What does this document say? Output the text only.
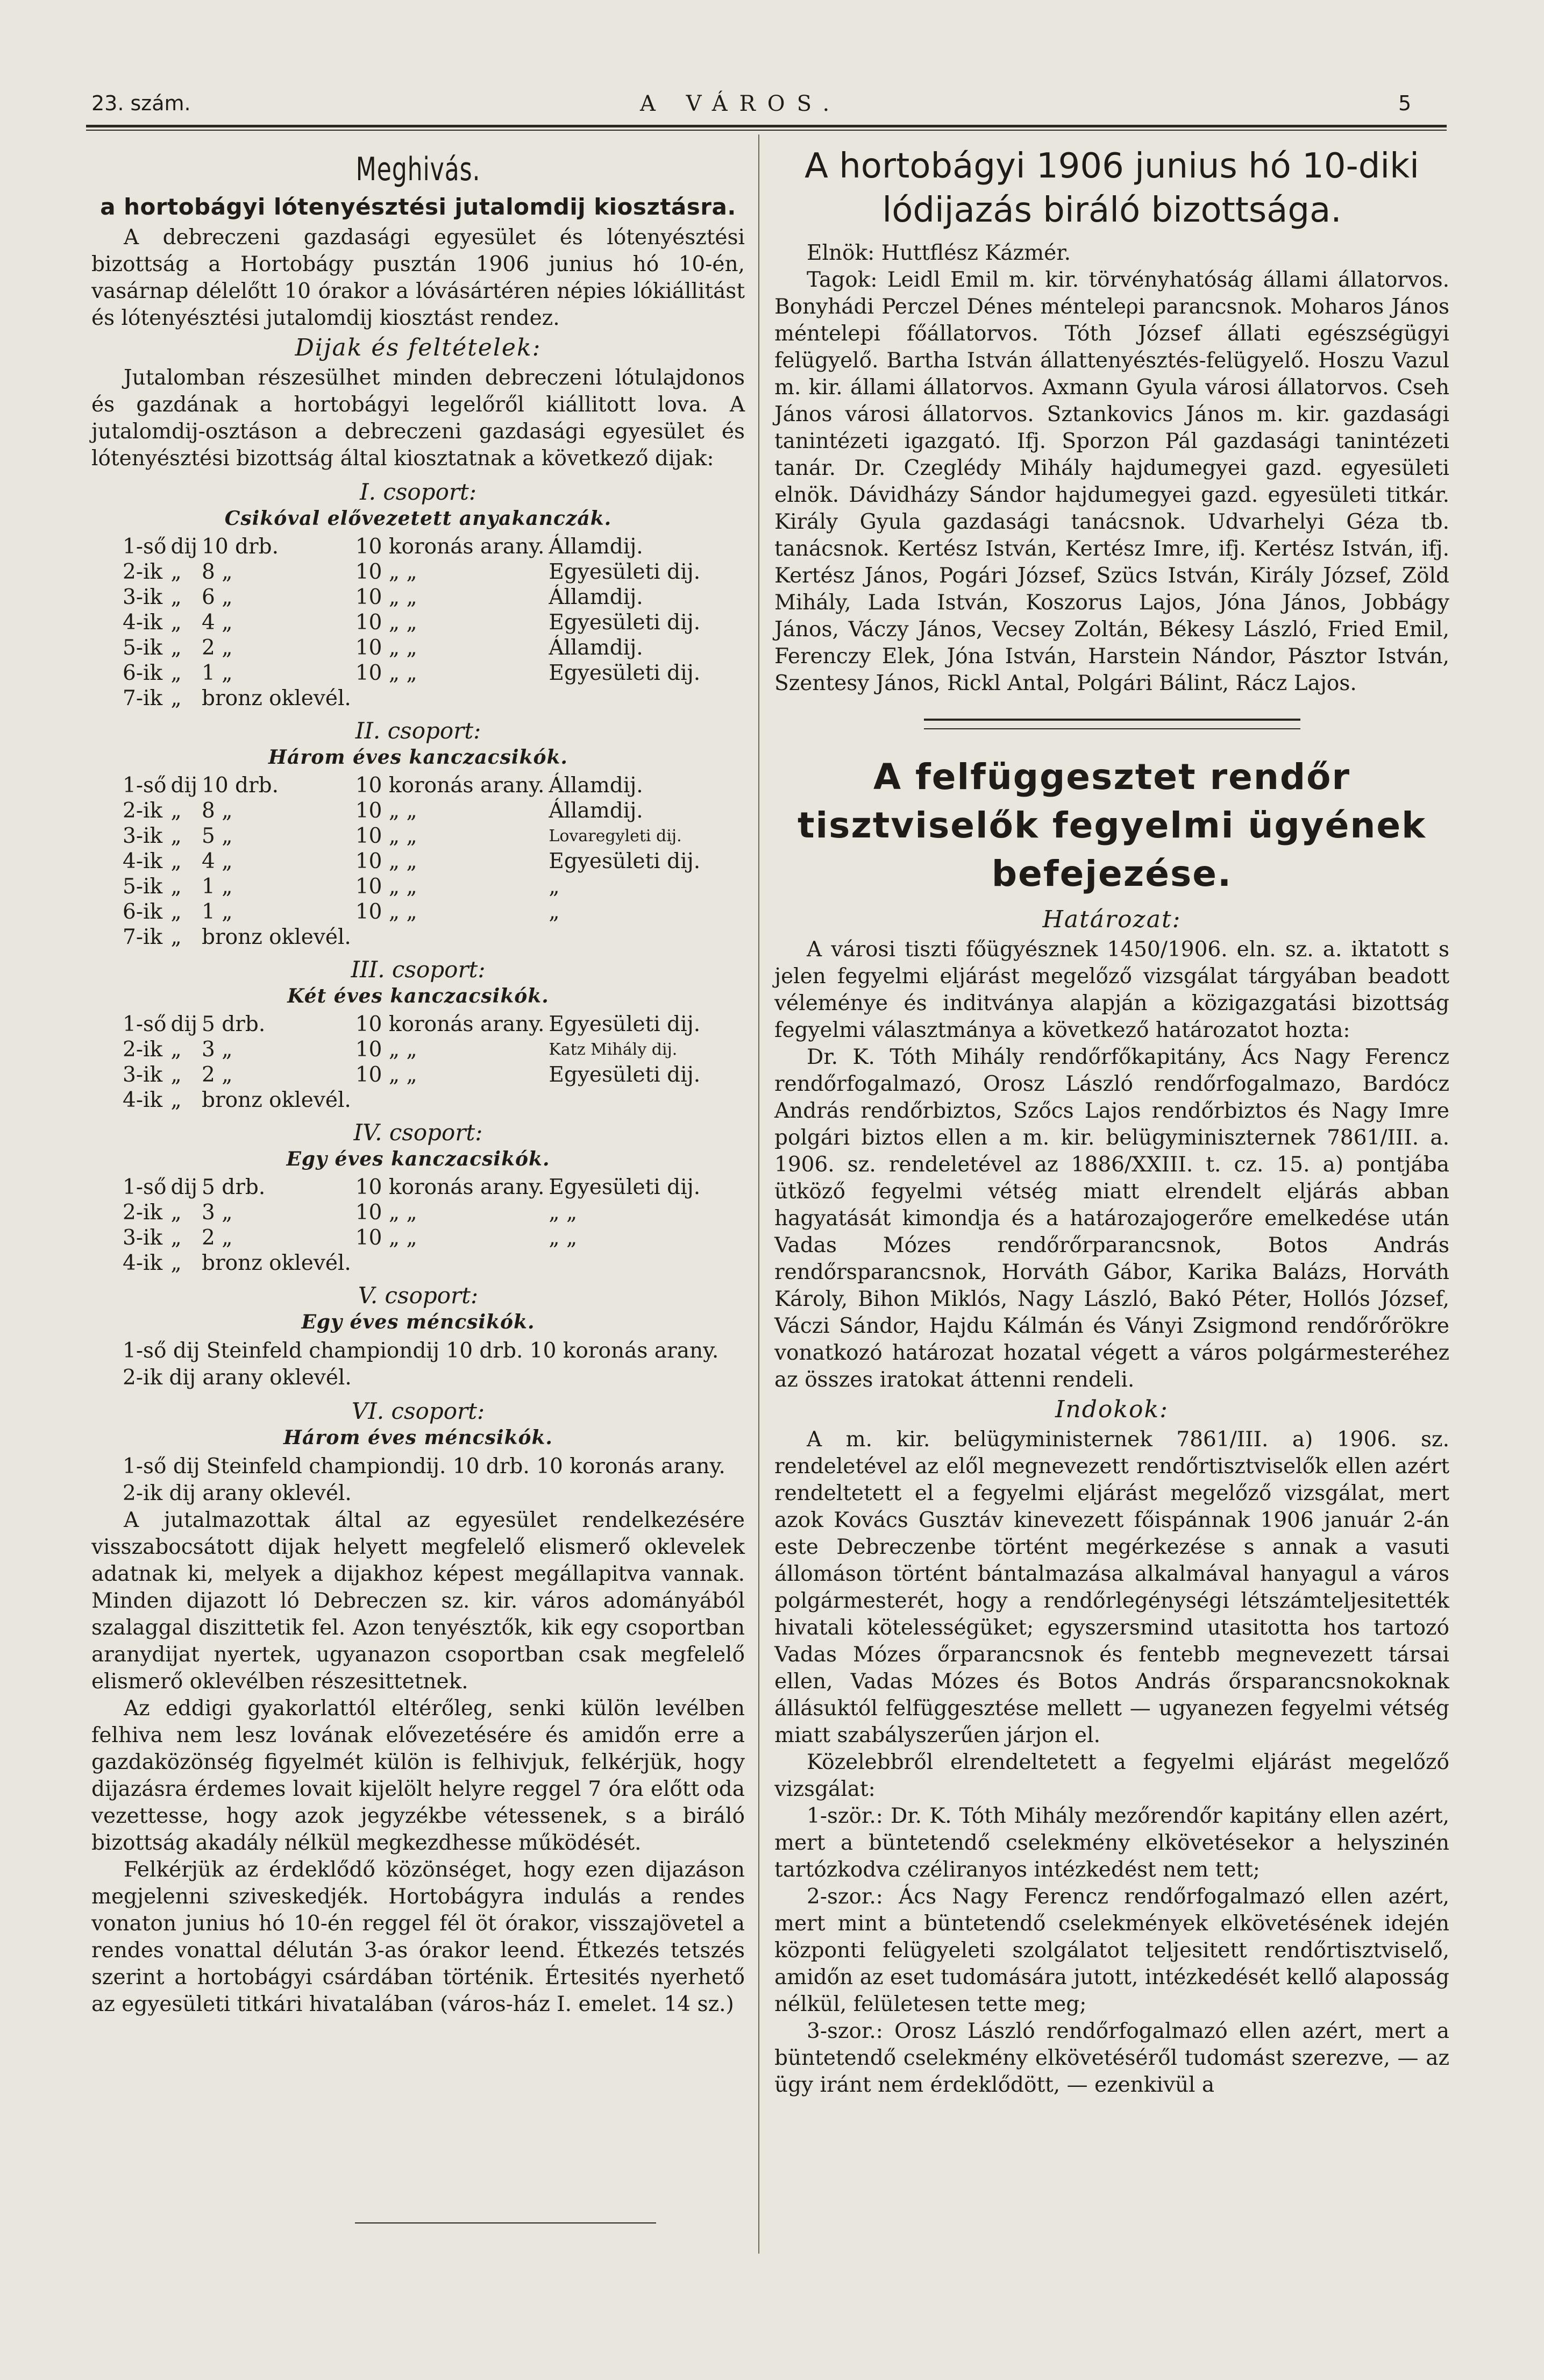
23. szám.	A VÁROS.	5
Meghivás.
a hortobágyi lótenyésztési jutalomdij kiosztásra.

A debreczeni gazdasági egyesület és lótenyésztési bizottság a Hortobágy pusztán 1906 junius hó 10-én, vasárnap délelőtt 10 órakor a lóvásártéren népies lókiállitást és lótenyésztési jutalomdij kiosztást rendez.

Dijak és feltételek:

Jutalomban részesülhet minden debreczeni lótulajdonos és gazdának a hortobágyi legelőről kiállitott lova. A jutalomdij-osztáson a debreczeni gazdasági egyesület és lótenyésztési bizottság által kiosztatnak a következő dijak:

I. csoport:
Csikóval elővezetett anyakanczák.
1-ső	dij	10 drb.	10 koronás arany.	Államdij.
2-ik	„	8 „	10 „ „	Egyesületi dij.
3-ik	„	6 „	10 „ „	Államdij.
4-ik	„	4 „	10 „ „	Egyesületi dij.
5-ik	„	2 „	10 „ „	Államdij.
6-ik	„	1 „	10 „ „	Egyesületi dij.
7-ik	„	bronz oklevél.		
II. csoport:
Három éves kanczacsikók.
1-ső	dij	10 drb.	10 koronás arany.	Államdij.
2-ik	„	8 „	10 „ „	Államdij.
3-ik	„	5 „	10 „ „	Lovaregyleti dij.
4-ik	„	4 „	10 „ „	Egyesületi dij.
5-ik	„	1 „	10 „ „	„
6-ik	„	1 „	10 „ „	„
7-ik	„	bronz oklevél.		
III. csoport:
Két éves kanczacsikók.
1-ső	dij	5 drb.	10 koronás arany.	Egyesületi dij.
2-ik	„	3 „	10 „ „	Katz Mihály dij.
3-ik	„	2 „	10 „ „	Egyesületi dij.
4-ik	„	bronz oklevél.		
IV. csoport:
Egy éves kanczacsikók.
1-ső	dij	5 drb.	10 koronás arany.	Egyesületi dij.
2-ik	„	3 „	10 „ „	„ „
3-ik	„	2 „	10 „ „	„ „
4-ik	„	bronz oklevél.		
V. csoport:
Egy éves méncsikók.

1-ső dij Steinfeld championdij 10 drb. 10 koronás arany.

2-ik dij arany oklevél.

VI. csoport:
Három éves méncsikók.

1-ső dij Steinfeld championdij. 10 drb. 10 koronás arany.

2-ik dij arany oklevél.

A jutalmazottak által az egyesület rendelkezésére visszabocsátott dijak helyett megfelelő elismerő oklevelek adatnak ki, melyek a dijakhoz képest megállapitva vannak. Minden dijazott ló Debreczen sz. kir. város adományából szalaggal diszittetik fel. Azon tenyésztők, kik egy csoportban aranydijat nyertek, ugyanazon csoportban csak megfelelő elismerő oklevélben részesittetnek.

Az eddigi gyakorlattól eltérőleg, senki külön levélben felhiva nem lesz lovának elővezetésére és amidőn erre a gazdaközönség figyelmét külön is felhivjuk, felkérjük, hogy dijazásra érdemes lovait kijelölt helyre reggel 7 óra előtt oda vezettesse, hogy azok jegyzékbe vétessenek, s a biráló bizottság akadály nélkül megkezdhesse működését.

Felkérjük az érdeklődő közönséget, hogy ezen dijazáson megjelenni sziveskedjék. Hortobágyra indulás a rendes vonaton junius hó 10-én reggel fél öt órakor, visszajövetel a rendes vonattal délután 3-as órakor leend. Étkezés tetszés szerint a hortobágyi csárdában történik. Értesités nyerhető az egyesületi titkári hivatalában (város-ház I. emelet. 14 sz.)

A hortobágyi 1906 junius hó 10-diki lódijazás biráló bizottsága.

Elnök: Huttflész Kázmér.

Tagok: Leidl Emil m. kir. törvényhatóság állami állatorvos. Bonyhádi Perczel Dénes ménteleρi parancsnok. Moharos János méntelepi főállatorvos. Tóth József állati egészségügyi felügyelő. Bartha István állattenyésztés-felügyelő. Hoszu Vazul m. kir. állami állatorvos. Axmann Gyula városi állatorvos. Cseh János városi állatorvos. Sztankovics János m. kir. gazdasági tanintézeti igazgató. Ifj. Sporzon Pál gazdasági tanintézeti tanár. Dr. Czeglédy Mihály hajdumegyei gazd. egyesületi elnök. Dávidházy Sándor hajdumegyei gazd. egyesületi titkár. Király Gyula gazdasági tanácsnok. Udvarhelyi Géza tb. tanácsnok. Kertész István, Kertész Imre, ifj. Kertész István, ifj. Kertész János, Pogári József, Szücs István, Király József, Zöld Mihály, Lada István, Koszorus Lajos, Jóna János, Jobbágy János, Váczy János, Vecsey Zoltán, Békesy László, Fried Emil, Ferenczy Elek, Jóna István, Harstein Nándor, Pásztor István, Szentesy János, Rickl Antal, Polgári Bálint, Rácz Lajos.

A felfüggesztet rendőr tisztviselők fegyelmi ügyének befejezése.
Határozat:

A városi tiszti főügyésznek 1450/1906. eln. sz. a. iktatott s jelen fegyelmi eljárást megelőző vizsgálat tárgyában beadott véleménye és inditványa alapján a közigazgatási bizottság fegyelmi választmánya a következő határozatot hozta:

Dr. K. Tóth Mihály rendőrfőkapitány, Ács Nagy Ferencz rendőrfogalmazó, Orosz László rendőrfogalmazo, Bardócz András rendőrbiztos, Szőcs Lajos rendőrbiztos és Nagy Imre polgári biztos ellen a m. kir. belügyminiszternek 7861/III. a. 1906. sz. rendeletével az 1886/XXIII. t. cz. 15. a) pontjába ütköző fegyelmi vétség miatt elrendelt eljárás abban hagyatását kimondja és a határozajogerőre emelkedése után Vadas Mózes rendőrőrparancsnok, Botos András rendőrsparancsnok, Horváth Gábor, Karika Balázs, Horváth Károly, Bihon Miklós, Nagy László, Bakó Péter, Hollós József, Váczi Sándor, Hajdu Kálmán és Ványi Zsigmond rendőrőrökre vonatkozó határozat hozatal végett a város polgármesteréhez az összes iratokat áttenni rendeli.

Indokok:

A m. kir. belügyministernek 7861/III. a) 1906. sz. rendeletével az elől megnevezett rendőrtisztviselők ellen azért rendeltetett el a fegyelmi eljárást megelőző vizsgálat, mert azok Kovács Gusztáv kinevezett főispánnak 1906 január 2-án este Debreczenbe történt megérkezése s annak a vasuti állomáson történt bántalmazása alkalmával hanyagul a város polgármesterét, hogy a rendőrlegénységi létszámteljesitették hivatali kötelességüket; egyszersmind utasitotta hos tartozó Vadas Mózes őrparancsnok és fentebb megnevezett társai ellen, Vadas Mózes és Botos András őrsparancsnokoknak állásuktól felfüggesztése mellett — ugyanezen fegyelmi vétség miatt szabályszerűen járjon el.

Közelebbről elrendeltetett a fegyelmi eljárást megelőző vizsgálat:

1-ször.: Dr. K. Tóth Mihály mezőrendőr kapitány ellen azért, mert a büntetendő cselekmény elkövetésekor a helyszinén tartózkodva czéliranyos intézkedést nem tett;

2-szor.: Ács Nagy Ferencz rendőrfogalmazó ellen azért, mert mint a büntetendő cselekmények elkövetésének idején központi felügyeleti szolgálatot teljesitett rendőrtisztviselő, amidőn az eset tudomására jutott, intézkedését kellő alaposság nélkül, felületesen tette meg;

3-szor.: Orosz László rendőrfogalmazó ellen azért, mert a büntetendő cselekmény elkövetéséről tudomást szerezve, — az ügy iránt nem érdeklődött, — ezenkivül a
